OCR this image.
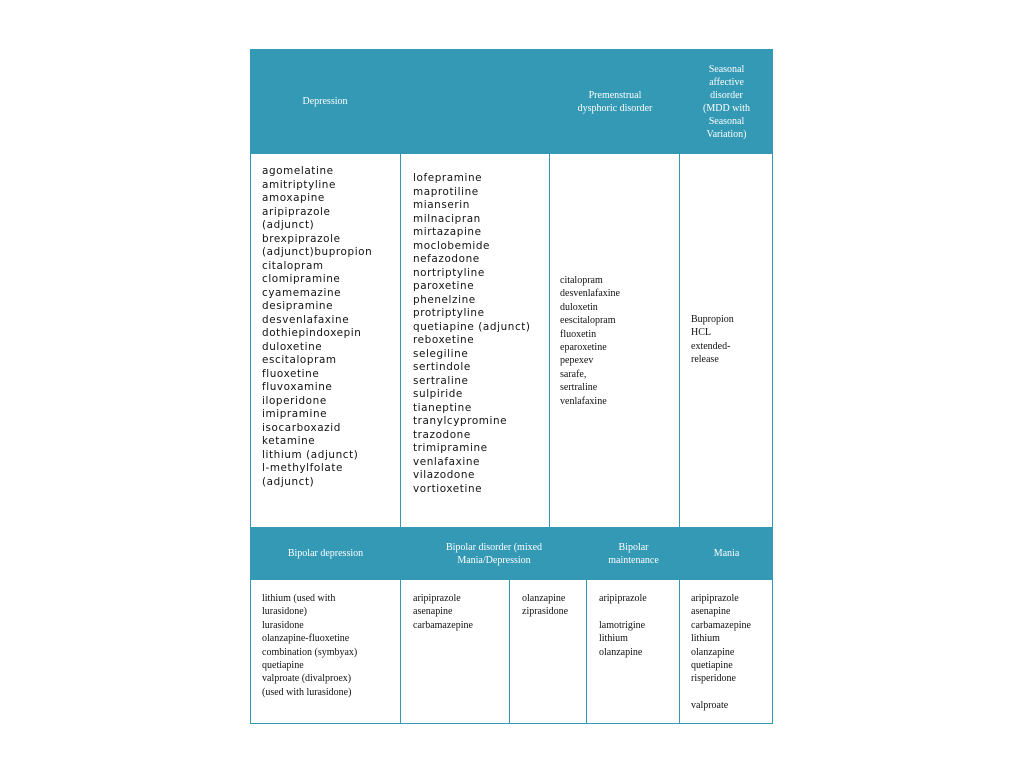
Depression
Premenstrual
dysphoric disorder
Seasonal
affective
disorder
(MDD with
Seasonal
Variation)
agomelatine
amitriptyline
amoxapine
aripiprazole
(adjunct)
brexpiprazole
(adjunct)bupropion
citalopram
clomipramine
cyamemazine
desipramine
desvenlafaxine
dothiepindoxepin
duloxetine
escitalopram
fluoxetine
fluvoxamine
iloperidone
imipramine
isocarboxazid
ketamine
lithium (adjunct)
l-methylfolate
(adjunct)
lofepramine
maprotiline
mianserin
milnacipran
mirtazapine
moclobemide
nefazodone
nortriptyline
paroxetine
phenelzine
protriptyline
quetiapine (adjunct)
reboxetine
selegiline
sertindole
sertraline
sulpiride
tianeptine
tranylcypromine
trazodone
trimipramine
venlafaxine
vilazodone
vortioxetine
citalopram
desvenlafaxine
duloxetin
eescitalopram
fluoxetin
eparoxetine
pepexev
sarafe,
sertraline
venlafaxine
Bupropion
HCL
extended-
release
Bipolar depression
Bipolar disorder (mixed
Mania/Depression
Bipolar
maintenance
Mania
lithium (used with
lurasidone)
lurasidone
olanzapine-fluoxetine
combination (symbyax)
quetiapine
valproate (divalproex)
(used with lurasidone)
aripiprazole
asenapine
carbamazepine
olanzapine
ziprasidone
aripiprazole
lamotrigine
lithium
olanzapine
aripiprazole
asenapine
carbamazepine
lithium
olanzapine
quetiapine
risperidone
valproate
